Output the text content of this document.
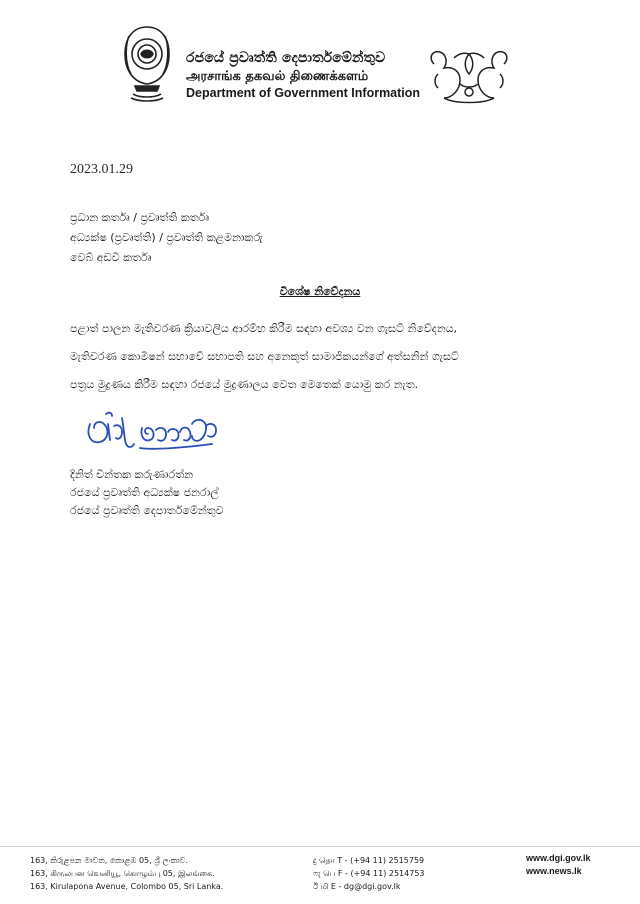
රජයේ ප්‍රවෘත්ති දෙපාර්තමේන්තුව
அரசாங்க தகவல் திணைக்களம்
Department of Government Information
2023.01.29
ප්‍රධාන කර්තෘ / ප්‍රවෘත්ති කර්තෘ
අධ්‍යක්ෂ (ප්‍රවෘත්ති) / ප්‍රවෘත්ති කළමනාකරු
වෙබ් අඩවි කර්තෘ
විශේෂ නිවේදනය
පළාත් පාලන මැතිවරණ ක්‍රියාවලිය ආරම්භ කිරීම සඳහා අවශ්‍ය වන ගැසට් නිවේදනය,
මැතිවරණ කොමිෂන් සභාවේ සභාපති සහ අනෙකුත් සාමාජිකයන්ගේ අත්සනින් ගැසට්
පත්‍රය මුද්‍රණය කිරීම සඳහා රජයේ මුද්‍රණාලය වෙත මෙතෙක් යොමු කර නැත.
දිනිත් චින්තක කරුණාරත්න
රජයේ ප්‍රවෘත්ති අධ්‍යක්ෂ ජනරාල්
රජයේ ප්‍රවෘත්ති දෙපාර්තමේන්තුව
163, කිරුළපන මාවත, කොළඹ 05, ශ්‍රී ලංකාව.
163, கிருலபன வெனியூ, கொழும்பு 05, இலங்கை.
163, Kirulapona Avenue, Colombo 05, Sri Lanka.
දු தொ T - (+94 11) 2515759
ෆැ பெ F - (+94 11) 2514753
ඊ மி E - dg@dgi.gov.lk
www.dgi.gov.lk
www.news.lk
